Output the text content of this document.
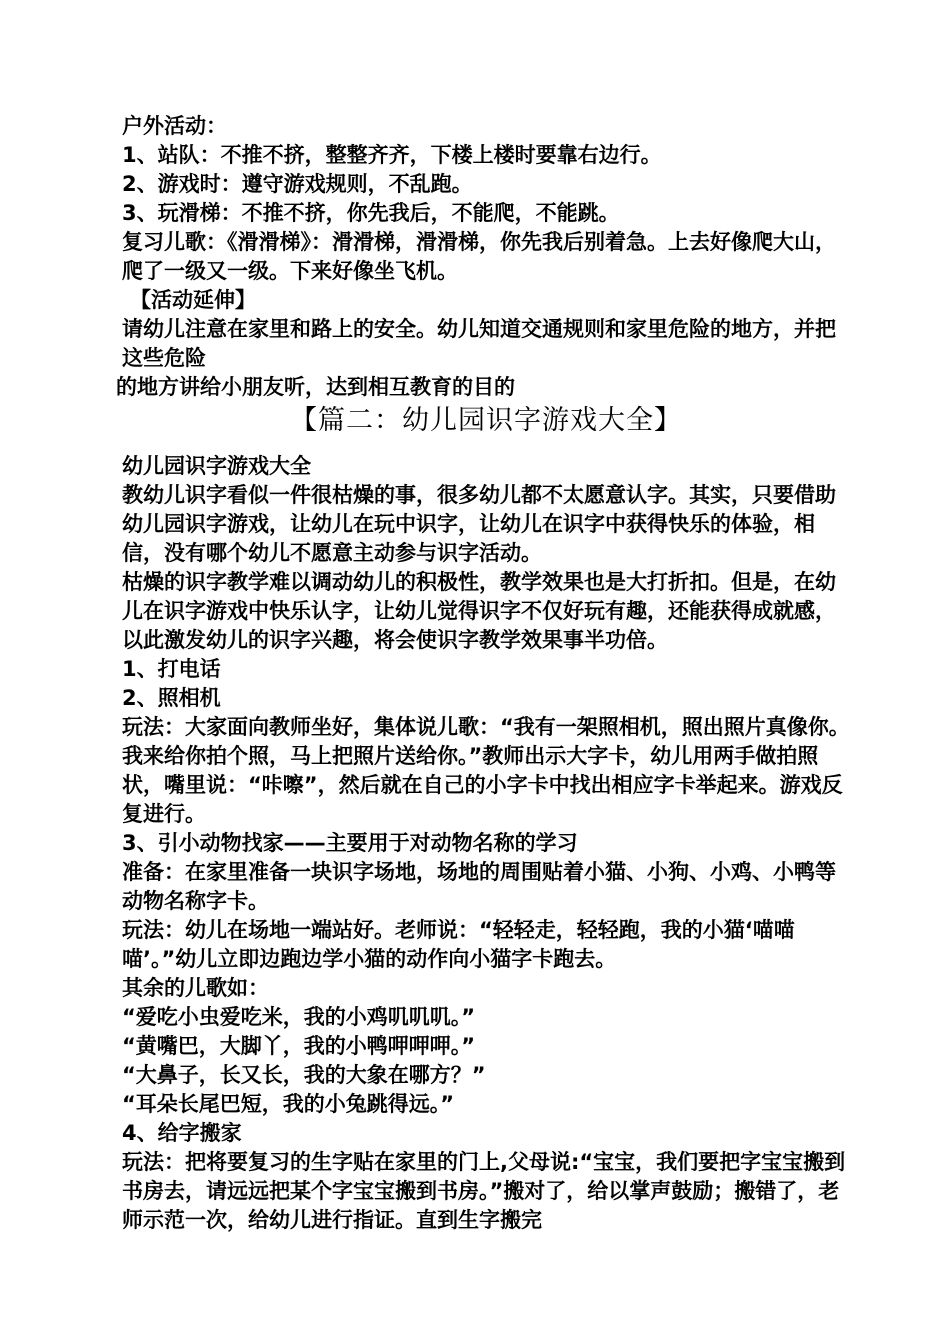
户外活动：

1、站队：不推不挤，整整齐齐，下楼上楼时要靠右边行。

2、游戏时：遵守游戏规则，不乱跑。

3、玩滑梯：不推不挤，你先我后，不能爬，不能跳。

复习儿歌：《滑滑梯》：滑滑梯，滑滑梯，你先我后别着急。上去好像爬大山，爬了一级又一级。下来好像坐飞机。

【活动延伸】

请幼儿注意在家里和路上的安全。幼儿知道交通规则和家里危险的地方，并把这些危险

的地方讲给小朋友听，达到相互教育的目的

【篇二：幼儿园识字游戏大全】

幼儿园识字游戏大全

教幼儿识字看似一件很枯燥的事，很多幼儿都不太愿意认字。其实，只要借助幼儿园识字游戏，让幼儿在玩中识字，让幼儿在识字中获得快乐的体验，相信，没有哪个幼儿不愿意主动参与识字活动。

枯燥的识字教学难以调动幼儿的积极性，教学效果也是大打折扣。但是，在幼儿在识字游戏中快乐认字，让幼儿觉得识字不仅好玩有趣，还能获得成就感，以此激发幼儿的识字兴趣，将会使识字教学效果事半功倍。

1、打电话

2、照相机

玩法：大家面向教师坐好，集体说儿歌：“我有一架照相机，照出照片真像你。我来给你拍个照，马上把照片送给你。”教师出示大字卡，幼儿用两手做拍照状，嘴里说：“咔嚓”，然后就在自己的小字卡中找出相应字卡举起来。游戏反复进行。

3、引小动物找家——主要用于对动物名称的学习

准备：在家里准备一块识字场地，场地的周围贴着小猫、小狗、小鸡、小鸭等动物名称字卡。

玩法：幼儿在场地一端站好。老师说：“轻轻走，轻轻跑，我的小猫‘喵喵喵’。”幼儿立即边跑边学小猫的动作向小猫字卡跑去。

其余的儿歌如：

“爱吃小虫爱吃米，我的小鸡叽叽叽。”

“黄嘴巴，大脚丫，我的小鸭呷呷呷。”

“大鼻子，长又长，我的大象在哪方？”

“耳朵长尾巴短，我的小兔跳得远。”

4、给字搬家

玩法：把将要复习的生字贴在家里的门上,父母说:“宝宝，我们要把字宝宝搬到书房去，请远远把某个字宝宝搬到书房。”搬对了，给以掌声鼓励；搬错了，老师示范一次，给幼儿进行指证。直到生字搬完
